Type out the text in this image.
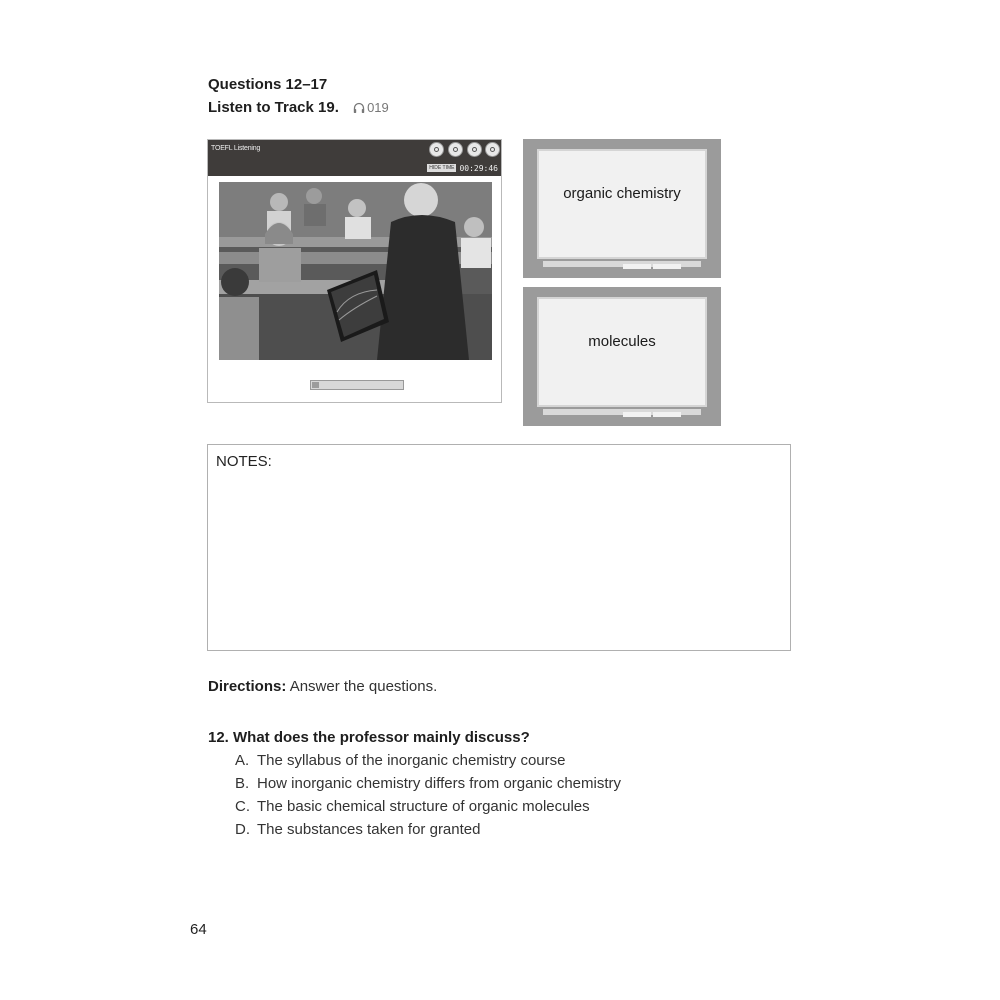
Questions 12–17
Listen to Track 19. 019
TOEFL Listening
HIDE TIME 00:29:46
organic chemistry
molecules
NOTES:
Directions: Answer the questions.
12. What does the professor mainly discuss?
A. The syllabus of the inorganic chemistry course
B. How inorganic chemistry differs from organic chemistry
C. The basic chemical structure of organic molecules
D. The substances taken for granted
64
